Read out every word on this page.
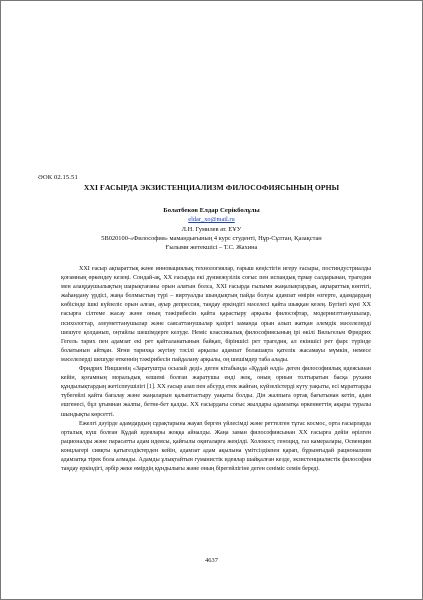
ӘОК 02.15.51
XXI ҒАСЫРДА ЭКЗИСТЕНЦИАЛИЗМ ФИЛОСОФИЯСЫНЫҢ ОРНЫ
Болатбеков Елдар Серікболұлы
eldar_xo@mail.ru
Л.Н. Гумилев ат. ЕҰУ
5В020100-«Философия» мамандығының 4 курс студенті, Нұр-Сұлтан, Қазақстан
Ғылыми жетекшісі – Т.С. Жахина

XXI ғасыр ақпараттық және инновациялық технологиялар, ғарыш кеңістігін игеру ғасыры, постиндустриалды қоғамның өркендеу кезеңі. Сондай-ақ, XX ғасырда екі дүниежүзілік соғыс пен испандық тұмау салдарынан, трагедия мен алаңдаушылықтың шарықтағаны орын алатын болса, XXI ғасырда ғылымн жаңалықтардың, ақпараттық көптігі, жаһандану үрдісі, жаңа болмыстың түрі – виртуалды шындықтың пайда болуы адамзат өмірін өзгерте, адамдардың көбісінде ішкі күйзеліс орын алған, ауыр депрессия, таңдау еркіндігі мәселесі қайта шыққан кезең. Бүгінгі күні XX ғасырға сілтеме жасау және оның тәжірибесін қайта қарастыру арқылы философтар, модернизттанушылар, психологтар, әлеуметтанушылар және саясаттанушылар қазіргі заманда орын алып жатқан әлемдік мәселелерді шешуге қолданып, оңтайлы шешімдерге келуде. Неміс классикалық философиясының ірі өкілі Вильгельм Фридрих Гегель тарих пен адамзат екі рет қайталанатынын байқап, біріншісі рет трагедия, ал екіншісі рет фарс түрінде болатынын айтқан. Яғни тарихқа жүгіну тәсілі арқылы адамзат болашақта қателік жасамауы мүмкін, немесе мәселелерді шешуде өткеннің тәжірибесін пайдалану арқылы, оң шешімдер таба алады.

Фридрих Ницшенің «Заратуштра осылай деді» деген кітабында «Құдай өлді» деген философиялық идеясынан кейін, қоғамның моральдық өлшемі болған жаратушы енді жоқ, оның орнын толтыратын басқа рухани құндылықтардың жетіспеушілігі [1]. XX ғасыр азап пен абсурд етек жайған, күйзелістерді күту уақыты, есі мұраттарды түбегейлі қайта бағалау және жаңаларын қалыптастыру уақыты болды. Дін жалпыға ортақ бағытынан кетіп, адам ешгенесі, бұл ұғымнан жалпы, бетне-бет қалды. XX ғасырдағы соғыс жылдары адамзатқа өркениеттің ақыры туралы шындықты көрсетті.

Ежелгі дәуірде адамдардың сұрақтарына жауап берген үйлесімді және реттелген тұтас космос, орта ғасырларда орталық күш болған Құдай идеялары жоққа айналды. Жаңа заман философиясынан XX ғасырға дейін өрілген рационалды және парасатты адам идеясы, қайғылы оқиғаларға жеңілді. Холокост, геноцид, газ камералары, Освенцим концлагері сияқты қатыгездіктерден кейін, адамзат адам ақылына үмітсіздікпен қарап, бұрынғыдай рационализм адамзатқа тірек бола алмады. Адамды ұлықтайтын гуманистік идеялар шайқалған кезде, экзистенциалистік философия таңдау еркіндігі, әрбір жеке өмірдің құндылығы және оның бірегейлігіне деген сеніміс семін береді.

4637
